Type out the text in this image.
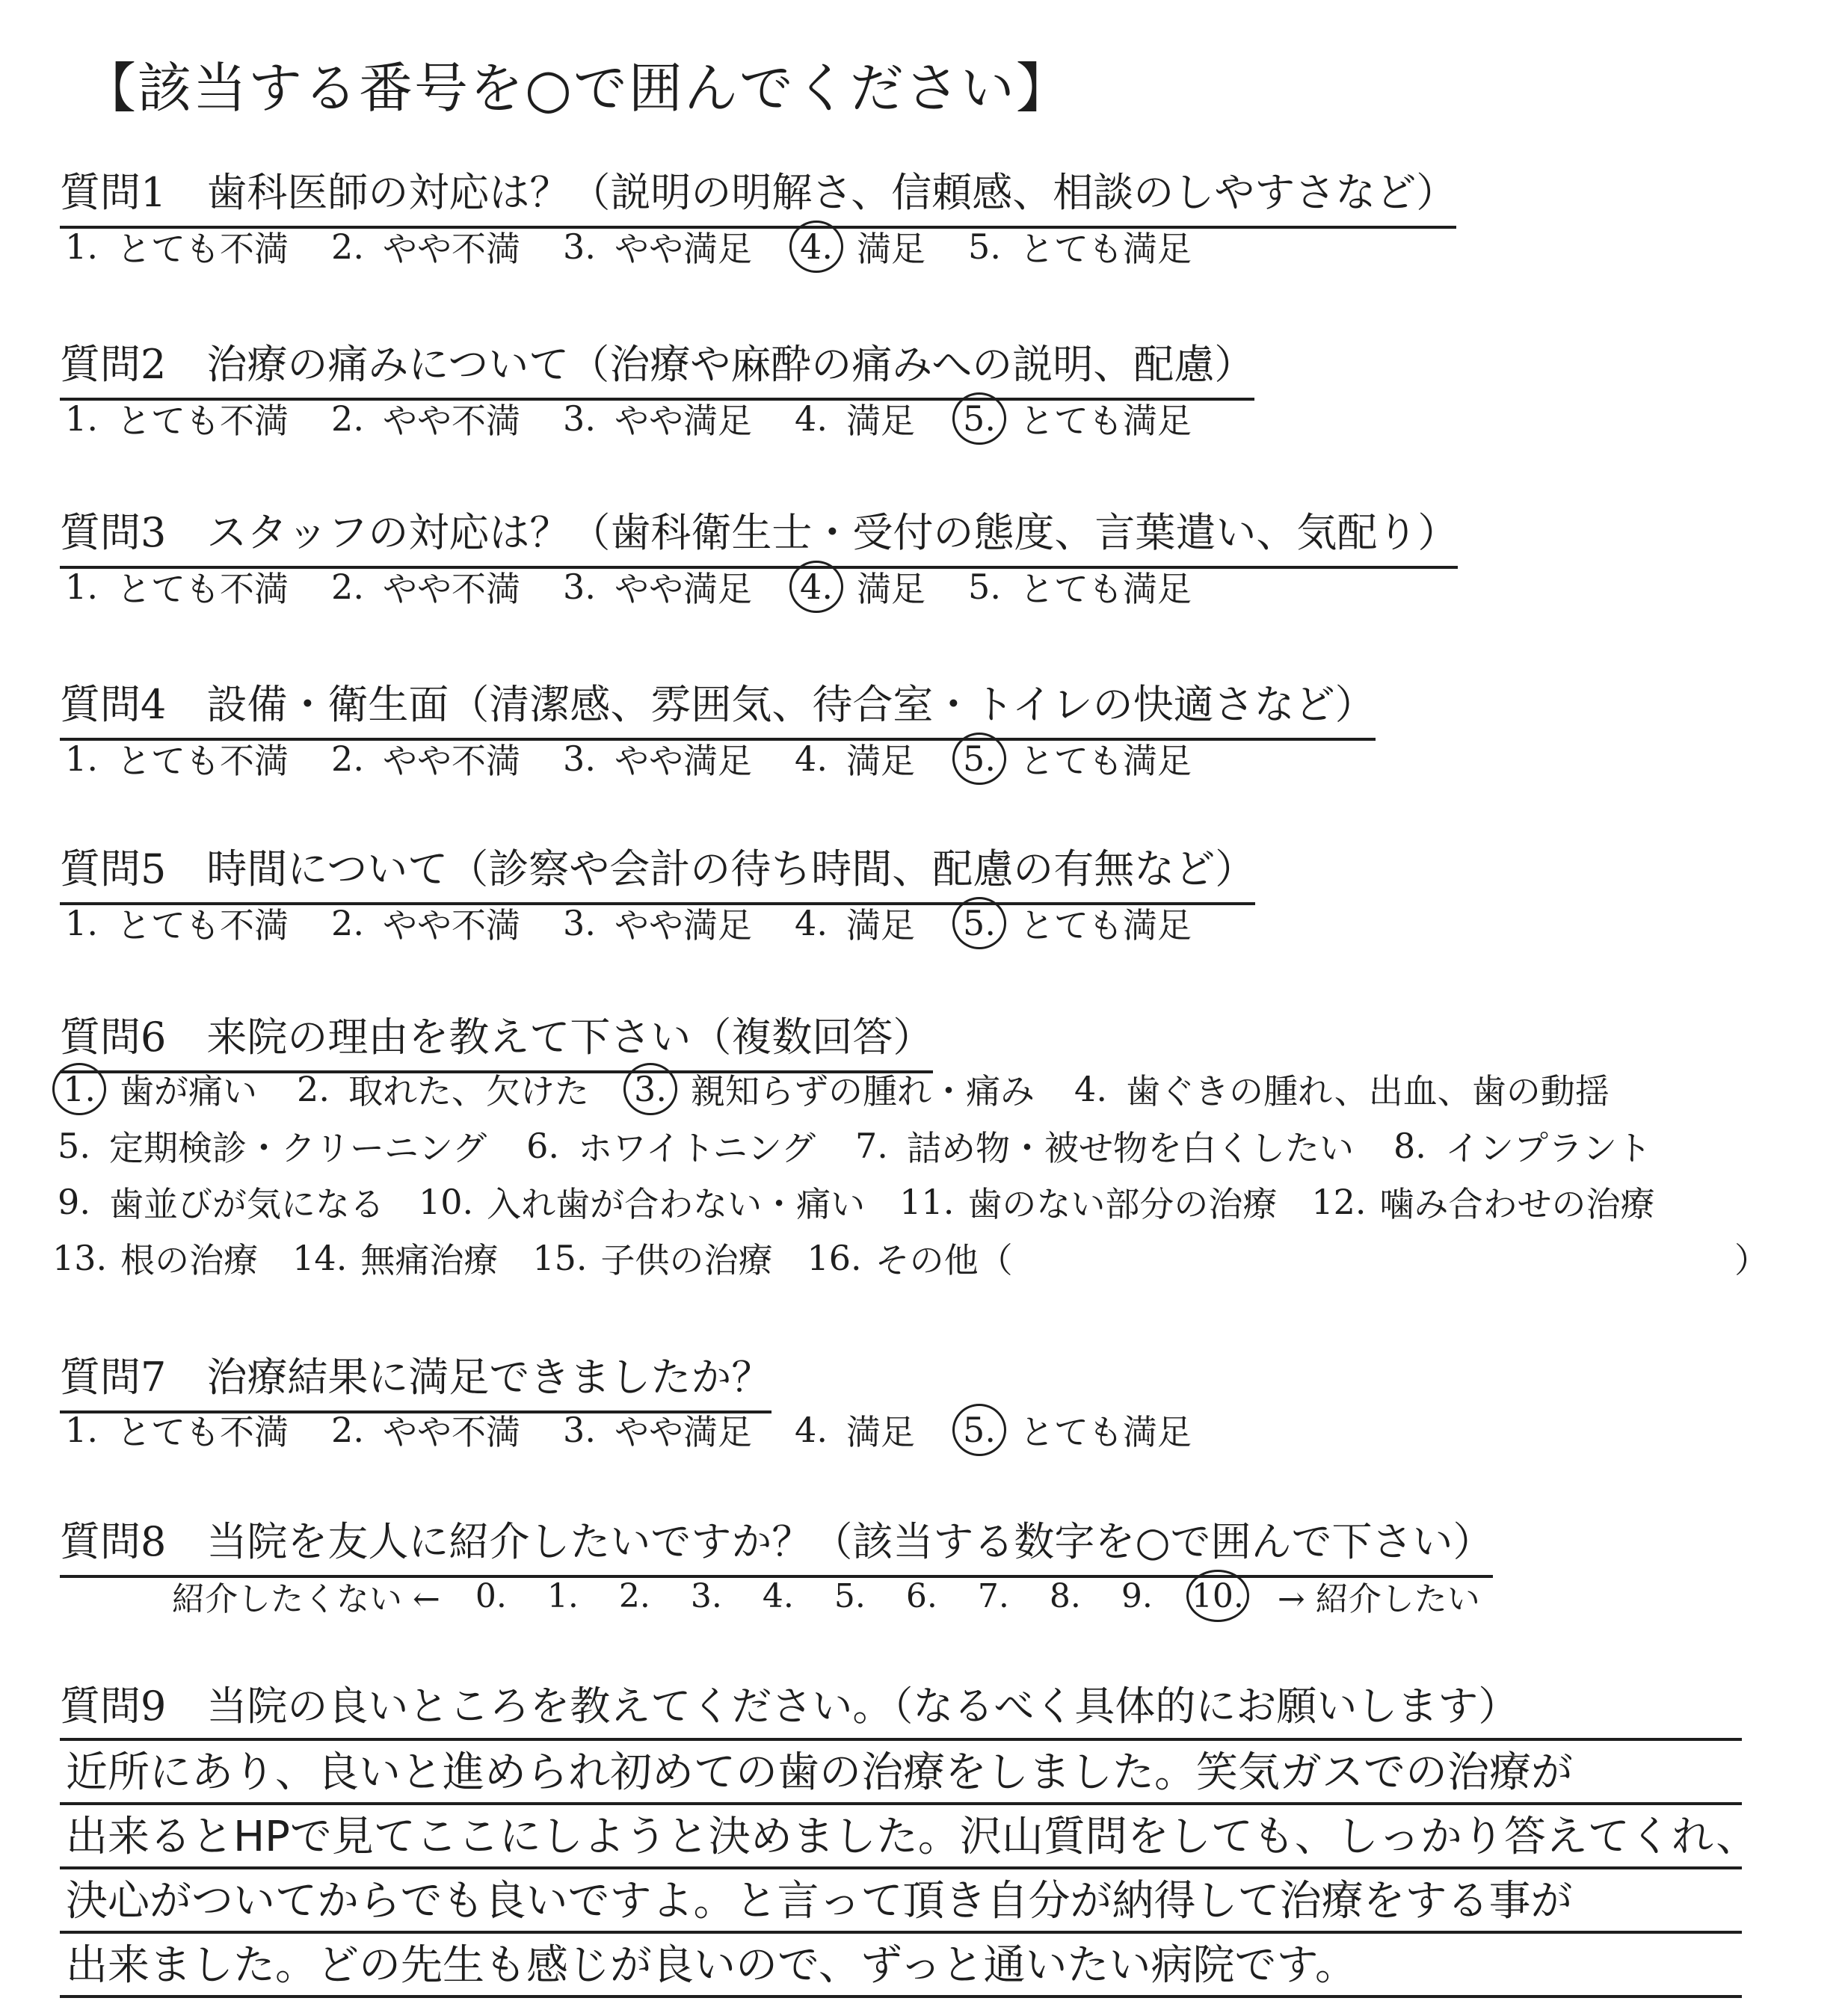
【該当する番号を○で囲んでください】
質問1　歯科医師の対応は？（説明の明解さ、信頼感、相談のしやすさなど）
1. とても不満 2. やや不満 3. やや満足	4. 満足 5. とても満足
質問2　治療の痛みについて（治療や麻酔の痛みへの説明、配慮）
1. とても不満 2. やや不満 3. やや満足 4. 満足	5. とても満足
質問3　スタッフの対応は？（歯科衛生士・受付の態度、言葉遣い、気配り）
1. とても不満 2. やや不満 3. やや満足	4. 満足 5. とても満足
質問4　設備・衛生面（清潔感、雰囲気、待合室・トイレの快適さなど）
1. とても不満 2. やや不満 3. やや満足 4. 満足	5. とても満足
質問5　時間について（診察や会計の待ち時間、配慮の有無など）
1. とても不満 2. やや不満 3. やや満足 4. 満足	5. とても満足
質問6　来院の理由を教えて下さい（複数回答）
1. 歯が痛い 2. 取れた、欠けた	3. 親知らずの腫れ・痛み 4. 歯ぐきの腫れ、出血、歯の動揺
5. 定期検診・クリーニング 6. ホワイトニング 7. 詰め物・被せ物を白くしたい 8. インプラント
9. 歯並びが気になる 10. 入れ歯が合わない・痛い 11. 歯のない部分の治療 12. 噛み合わせの治療
13. 根の治療 14. 無痛治療 15. 子供の治療 16. その他（	）
質問7　治療結果に満足できましたか？
1. とても不満 2. やや不満 3. やや満足 4. 満足	5. とても満足
質問8　当院を友人に紹介したいですか？（該当する数字を○で囲んで下さい）
紹介したくない ← 0. 1. 2. 3. 4. 5. 6. 7. 8. 9. 10. → 紹介したい
質問9　当院の良いところを教えてください。（なるべく具体的にお願いします）
近所にあり、良いと進められ初めての歯の治療をしました。笑気ガスでの治療が
出来るとHPで見てここにしようと決めました。沢山質問をしても、しっかり答えてくれ、
決心がついてからでも良いですよ。と言って頂き自分が納得して治療をする事が
出来ました。どの先生も感じが良いので、ずっと通いたい病院です。
